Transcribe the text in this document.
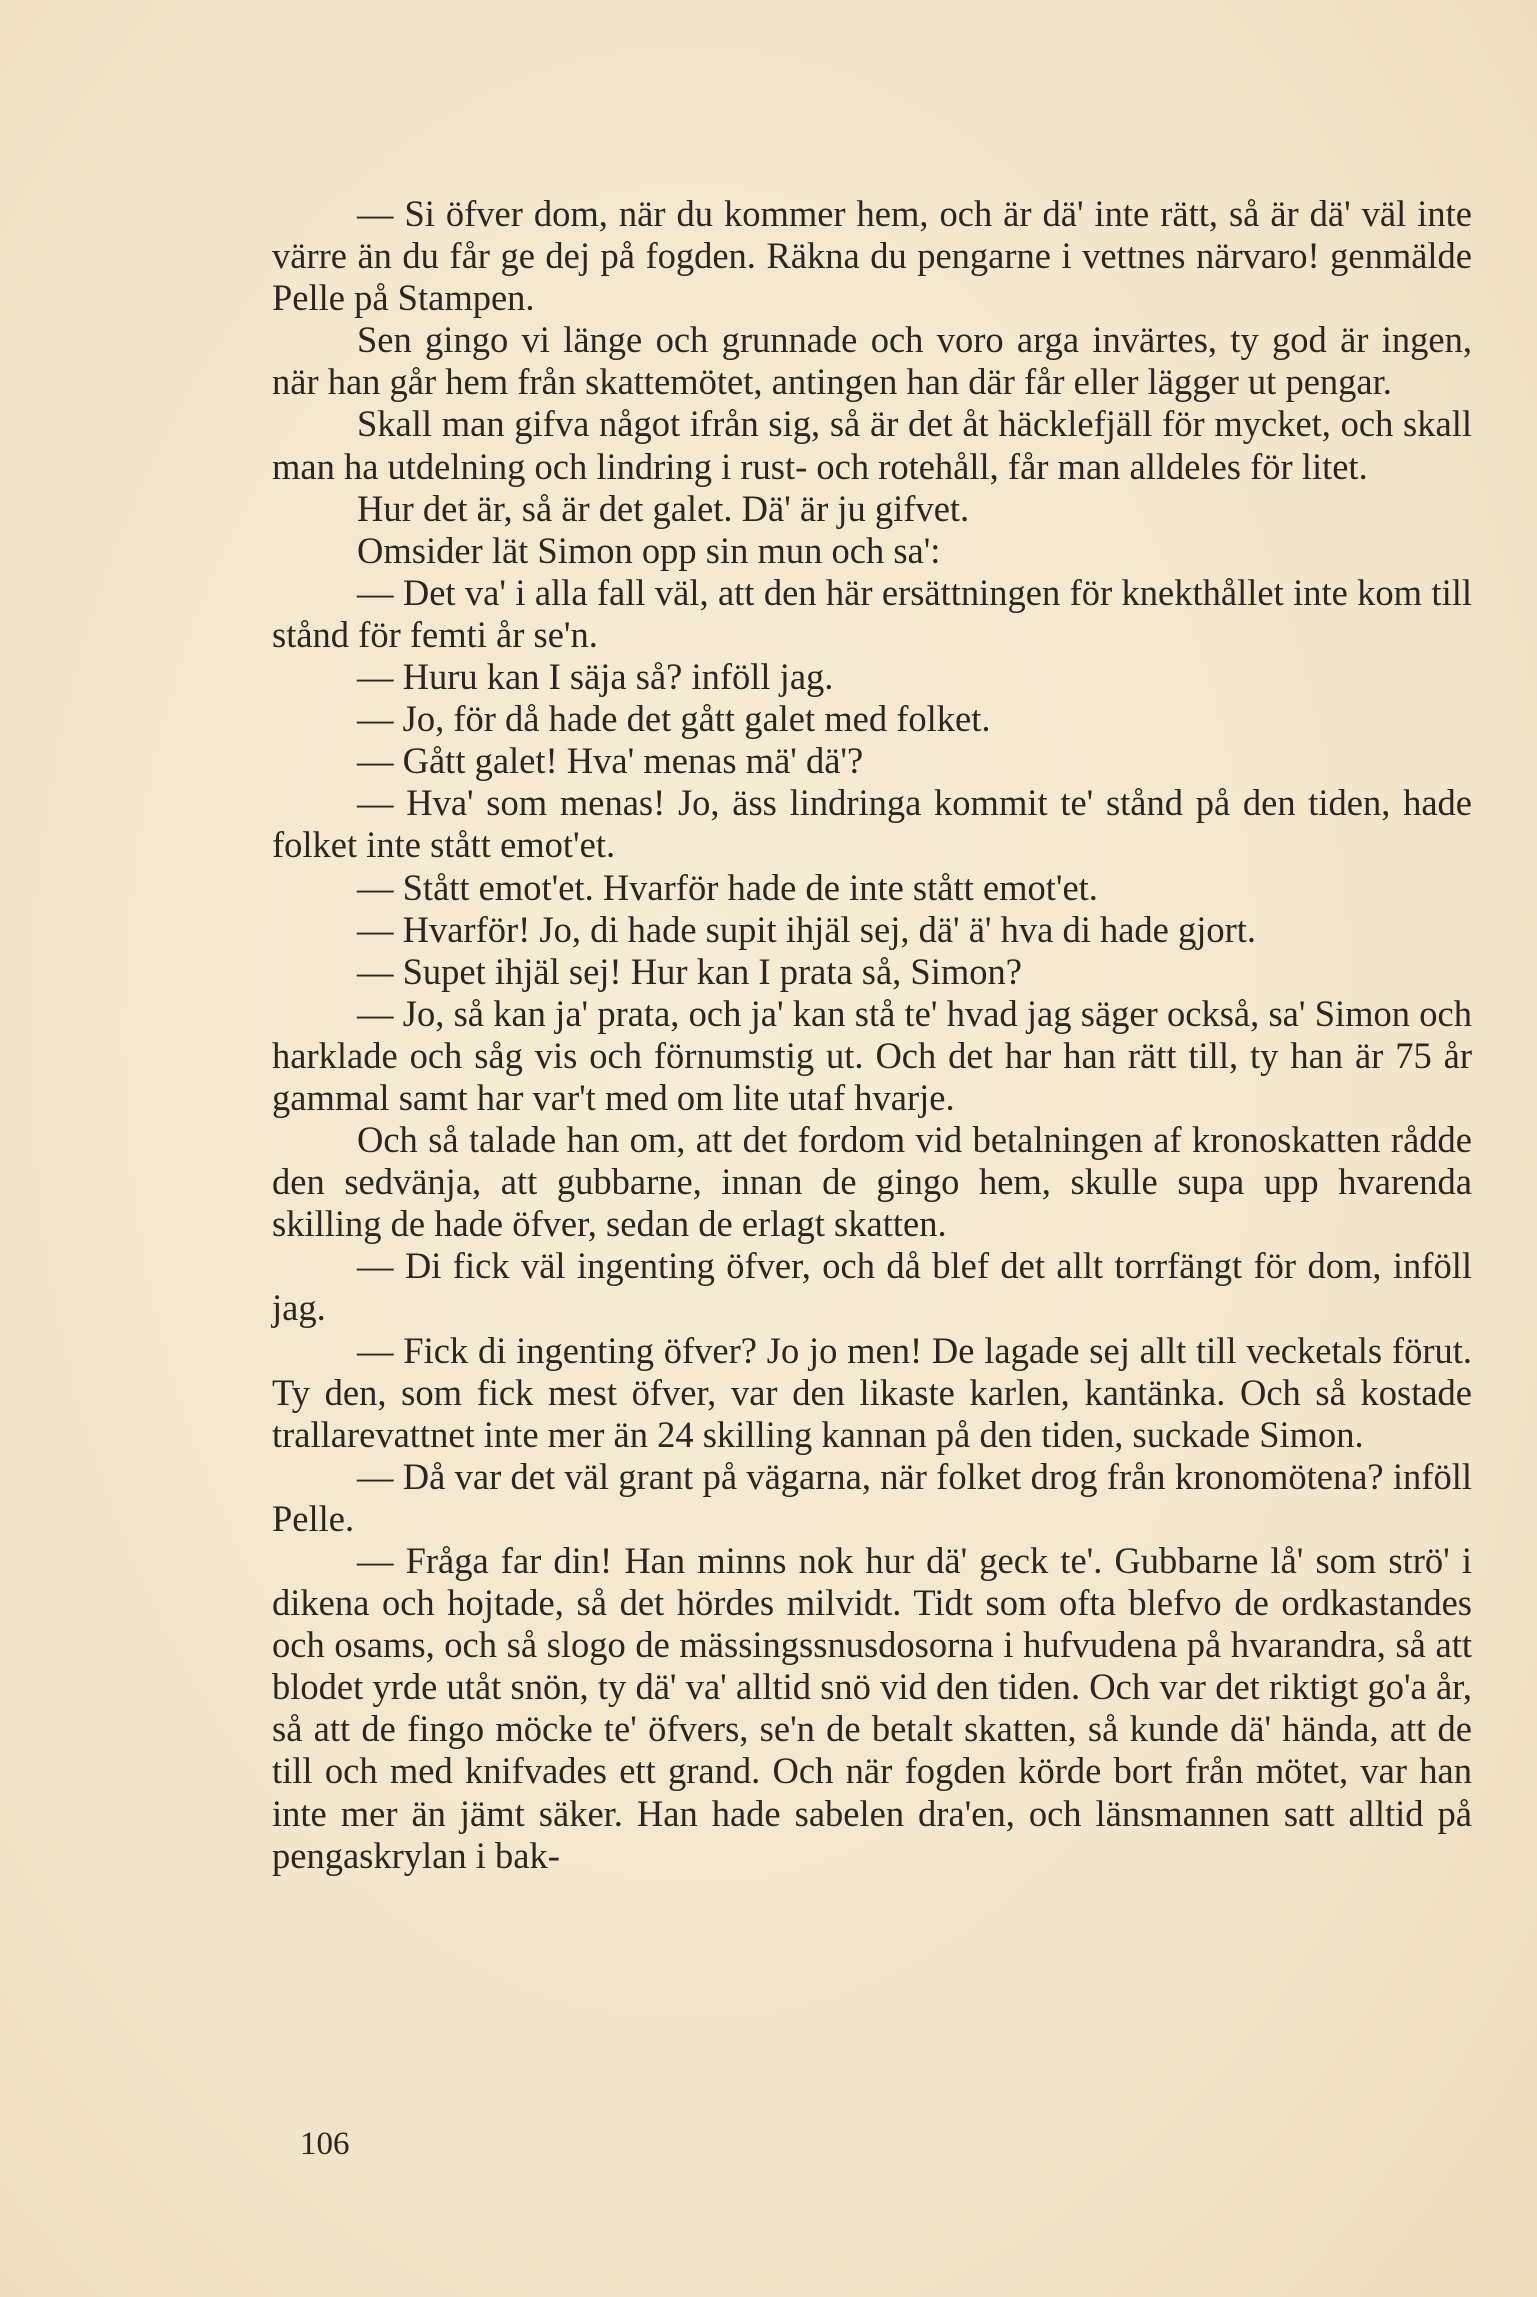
— Si öfver dom, när du kommer hem, och är dä' inte rätt, så är dä' väl inte värre än du får ge dej på fogden. Räkna du pengarne i vettnes närvaro! genmälde Pelle på Stampen.

Sen gingo vi länge och grunnade och voro arga invärtes, ty god är ingen, när han går hem från skattemötet, antingen han där får eller lägger ut pengar.

Skall man gifva något ifrån sig, så är det åt häcklefjäll för mycket, och skall man ha utdelning och lindring i rust- och rotehåll, får man alldeles för litet.

Hur det är, så är det galet. Dä' är ju gifvet.

Omsider lät Simon opp sin mun och sa':

— Det va' i alla fall väl, att den här ersättningen för knekthållet inte kom till stånd för femti år se'n.

— Huru kan I säja så? inföll jag.

— Jo, för då hade det gått galet med folket.

— Gått galet! Hva' menas mä' dä'?

— Hva' som menas! Jo, äss lindringa kommit te' stånd på den tiden, hade folket inte stått emot'et.

— Stått emot'et. Hvarför hade de inte stått emot'et.

— Hvarför! Jo, di hade supit ihjäl sej, dä' ä' hva di hade gjort.

— Supet ihjäl sej! Hur kan I prata så, Simon?

— Jo, så kan ja' prata, och ja' kan stå te' hvad jag säger också, sa' Simon och harklade och såg vis och förnumstig ut. Och det har han rätt till, ty han är 75 år gammal samt har var't med om lite utaf hvarje.

Och så talade han om, att det fordom vid betalningen af kronoskatten rådde den sedvänja, att gubbarne, innan de gingo hem, skulle supa upp hvarenda skilling de hade öfver, sedan de erlagt skatten.

— Di fick väl ingenting öfver, och då blef det allt torrfängt för dom, inföll jag.

— Fick di ingenting öfver? Jo jo men! De lagade sej allt till vecketals förut. Ty den, som fick mest öfver, var den likaste karlen, kantänka. Och så kostade trallarevattnet inte mer än 24 skilling kannan på den tiden, suckade Simon.

— Då var det väl grant på vägarna, när folket drog från kronomötena? inföll Pelle.

— Fråga far din! Han minns nok hur dä' geck te'. Gubbarne lå' som strö' i dikena och hojtade, så det hördes milvidt. Tidt som ofta blefvo de ordkastandes och osams, och så slogo de mässingssnusdosorna i hufvudena på hvarandra, så att blodet yrde utåt snön, ty dä' va' alltid snö vid den tiden. Och var det riktigt go'a år, så att de fingo möcke te' öfvers, se'n de betalt skatten, så kunde dä' hända, att de till och med knifvades ett grand. Och när fogden körde bort från mötet, var han inte mer än jämt säker. Han hade sabelen dra'en, och länsmannen satt alltid på pengaskrylan i bak-

106
